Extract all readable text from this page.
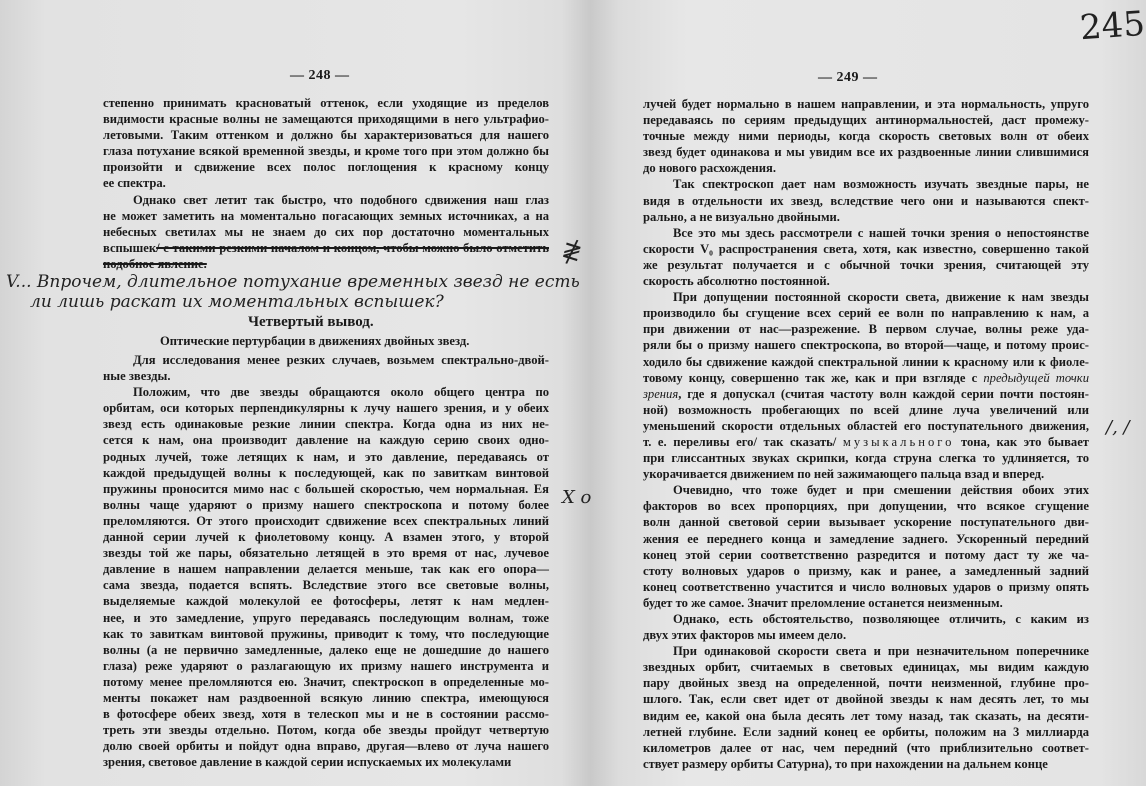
245
— 248 —
степенно принимать красноватый оттенок, если уходящие из пределов
видимости красные волны не замещаются приходящими в него ультрафио-
летовыми. Таким оттенком и должно бы характеризоваться для нашего
глаза потухание всякой временной звезды, и кроме того при этом должно бы
произойти и сдвижение всех полос поглощения к красному концу
ее спектра.
Однако свет летит так быстро, что подобного сдвижения наш глаз
не может заметить на моментально погасающих земных источниках, а на
небесных светилах мы не знаем до сих пор достаточно моментальных
вспышек/ с такими резкими началом и концом, чтобы можно было отметить
подобное явление.	≹
V... Впрочем, длительное потухание временных звезд не есть
ли лишь раскат их моментальных вспышек?
Четвертый вывод.
Оптические пертурбации в движениях двойных звезд.
Для исследования менее резких случаев, возьмем спектрально-двой-
ные звезды.
Положим, что две звезды обращаются около общего центра по
орбитам, оси которых перпендикулярны к лучу нашего зрения, и у обеих
звезд есть одинаковые резкие линии спектра. Когда одна из них не-
сется к нам, она производит давление на каждую серию своих одно-
родных лучей, тоже летящих к нам, и это давление, передаваясь от
каждой предыдущей волны к последующей, как по завиткам винтовой
пружины проносится мимо нас с большей скоростью, чем нормальная. Ея
волны чаще ударяют о призму нашего спектроскопа и потому более
преломляются. От этого происходит сдвижение всех спектральных линий
данной серии лучей к фиолетовому концу. А взамен этого, у второй
звезды той же пары, обязательно летящей в это время от нас, лучевое
давление в нашем направлении делается меньше, так как его опора—
сама звезда, подается вспять. Вследствие этого все световые волны,
выделяемые каждой молекулой ее фотосферы, летят к нам медлен-
нее, и это замедление, упруго передаваясь последующим волнам, тоже
как то завиткам винтовой пружины, приводит к тому, что последующие
волны (а не первично замедленные, далеко еще не дошедшие до нашего
глаза) реже ударяют о разлагающую их призму нашего инструмента и
потому менее преломляются ею. Значит, спектроскоп в определенные мо-
менты покажет нам раздвоенной всякую линию спектра, имеющуюся
в фотосфере обеих звезд, хотя в телескоп мы и не в состоянии рассмо-
треть эти звезды отдельно. Потом, когда обе звезды пройдут четвертую
долю своей орбиты и пойдут одна вправо, другая—влево от луча нашего
зрения, световое давление в каждой серии испускаемых их молекулами
X o
— 249 —
лучей будет нормально в нашем направлении, и эта нормальность, упруго
передаваясь по сериям предыдущих антинормальностей, даст промежу-
точные между ними периоды, когда скорость световых волн от обеих
звезд будет одинакова и мы увидим все их раздвоенные линии слившимися
до нового расхождения.
Так спектроскоп дает нам возможность изучать звездные пары, не
видя в отдельности их звезд, вследствие чего они и называются спект-
рально, а не визуально двойными.
Все это мы здесь рассмотрели с нашей точки зрения о непостоянстве
скорости V₀ распространения света, хотя, как известно, совершенно такой
же результат получается и с обычной точки зрения, считающей эту
скорость абсолютно постоянной.
При допущении постоянной скорости света, движение к нам звезды
производило бы сгущение всех серий ее волн по направлению к нам, а
при движении от нас—разрежение. В первом случае, волны реже уда-
ряли бы о призму нашего спектроскопа, во второй—чаще, и потому проис-
ходило бы сдвижение каждой спектральной линии к красному или к фиоле-
товому концу, совершенно так же, как и при взгляде с предыдущей точки
зрения, где я допускал (считая частоту волн каждой серии почти постоян-
ной) возможность пробегающих по всей длине луча увеличений или
уменьшений скорости отдельных областей его поступательного движения,
т. е. переливы его/ так сказать/ музыкального тона, как это бывает
при глиссантных звуках скрипки, когда струна слегка то удлиняется, то
укорачивается движением по ней зажимающего пальца взад и вперед.
Очевидно, что тоже будет и при смешении действия обоих этих
факторов во всех пропорциях, при допущении, что всякое сгущение
волн данной световой серии вызывает ускорение поступательного дви-
жения ее переднего конца и замедление заднего. Ускоренный передний
конец этой серии соответственно разредится и потому даст ту же ча-
стоту волновых ударов о призму, как и ранее, а замедленный задний
конец соответственно участится и число волновых ударов о призму опять
будет то же самое. Значит преломление останется неизменным.
Однако, есть обстоятельство, позволяющее отличить, с каким из
двух этих факторов мы имеем дело.
При одинаковой скорости света и при незначительном поперечнике
звездных орбит, считаемых в световых единицах, мы видим каждую
пару двойных звезд на определенной, почти неизменной, глубине про-
шлого. Так, если свет идет от двойной звезды к нам десять лет, то мы
видим ее, какой она была десять лет тому назад, так сказать, на десяти-
летней глубине. Если задний конец ее орбиты, положим на 3 миллиарда
километров далее от нас, чем передний (что приблизительно соответ-
ствует размеру орбиты Сатурна), то при нахождении на дальнем конце
/, /
